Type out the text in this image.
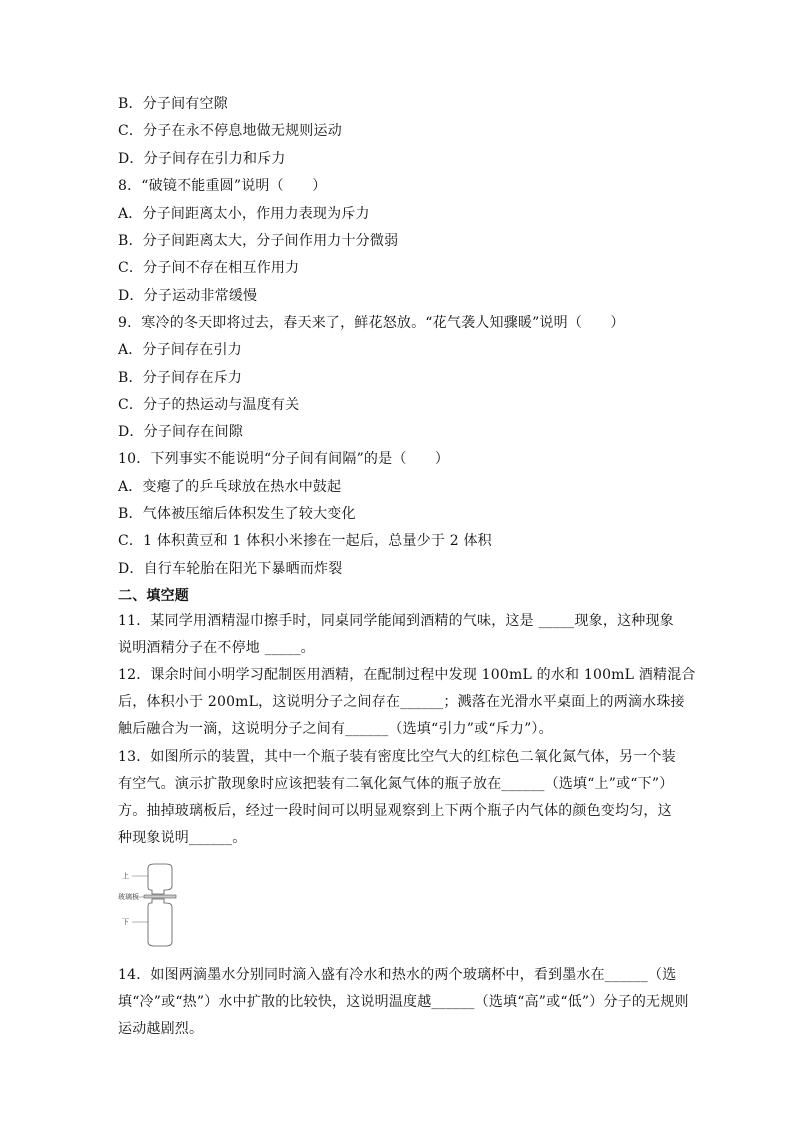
B．分子间有空隙
C．分子在永不停息地做无规则运动
D．分子间存在引力和斥力
8．“破镜不能重圆”说明（　　）
A．分子间距离太小，作用力表现为斥力
B．分子间距离太大，分子间作用力十分微弱
C．分子间不存在相互作用力
D．分子运动非常缓慢
9．寒冷的冬天即将过去，春天来了，鲜花怒放。“花气袭人知骤暖”说明（　　）
A．分子间存在引力
B．分子间存在斥力
C．分子的热运动与温度有关
D．分子间存在间隙
10．下列事实不能说明“分子间有间隔”的是（　　）
A．变瘪了的乒乓球放在热水中鼓起
B．气体被压缩后体积发生了较大变化
C．1 体积黄豆和 1 体积小米掺在一起后，总量少于 2 体积
D．自行车轮胎在阳光下暴晒而炸裂
二、填空题
11．某同学用酒精湿巾擦手时，同桌同学能闻到酒精的气味，这是 _____现象，这种现象
说明酒精分子在不停地 _____。
12．课余时间小明学习配制医用酒精，在配制过程中发现 100mL 的水和 100mL 酒精混合
后，体积小于 200mL，这说明分子之间存在______；溅落在光滑水平桌面上的两滴水珠接
触后融合为一滴，这说明分子之间有______（选填“引力”或“斥力”）。
13．如图所示的装置，其中一个瓶子装有密度比空气大的红棕色二氧化氮气体，另一个装
有空气。演示扩散现象时应该把装有二氧化氮气体的瓶子放在______（选填“上”或“下”）
方。抽掉玻璃板后，经过一段时间可以明显观察到上下两个瓶子内气体的颜色变均匀，这
种现象说明______。
上
玻璃板
下
14．如图两滴墨水分别同时滴入盛有冷水和热水的两个玻璃杯中，看到墨水在______（选
填“冷”或“热”）水中扩散的比较快，这说明温度越______（选填“高”或“低”）分子的无规则
运动越剧烈。
